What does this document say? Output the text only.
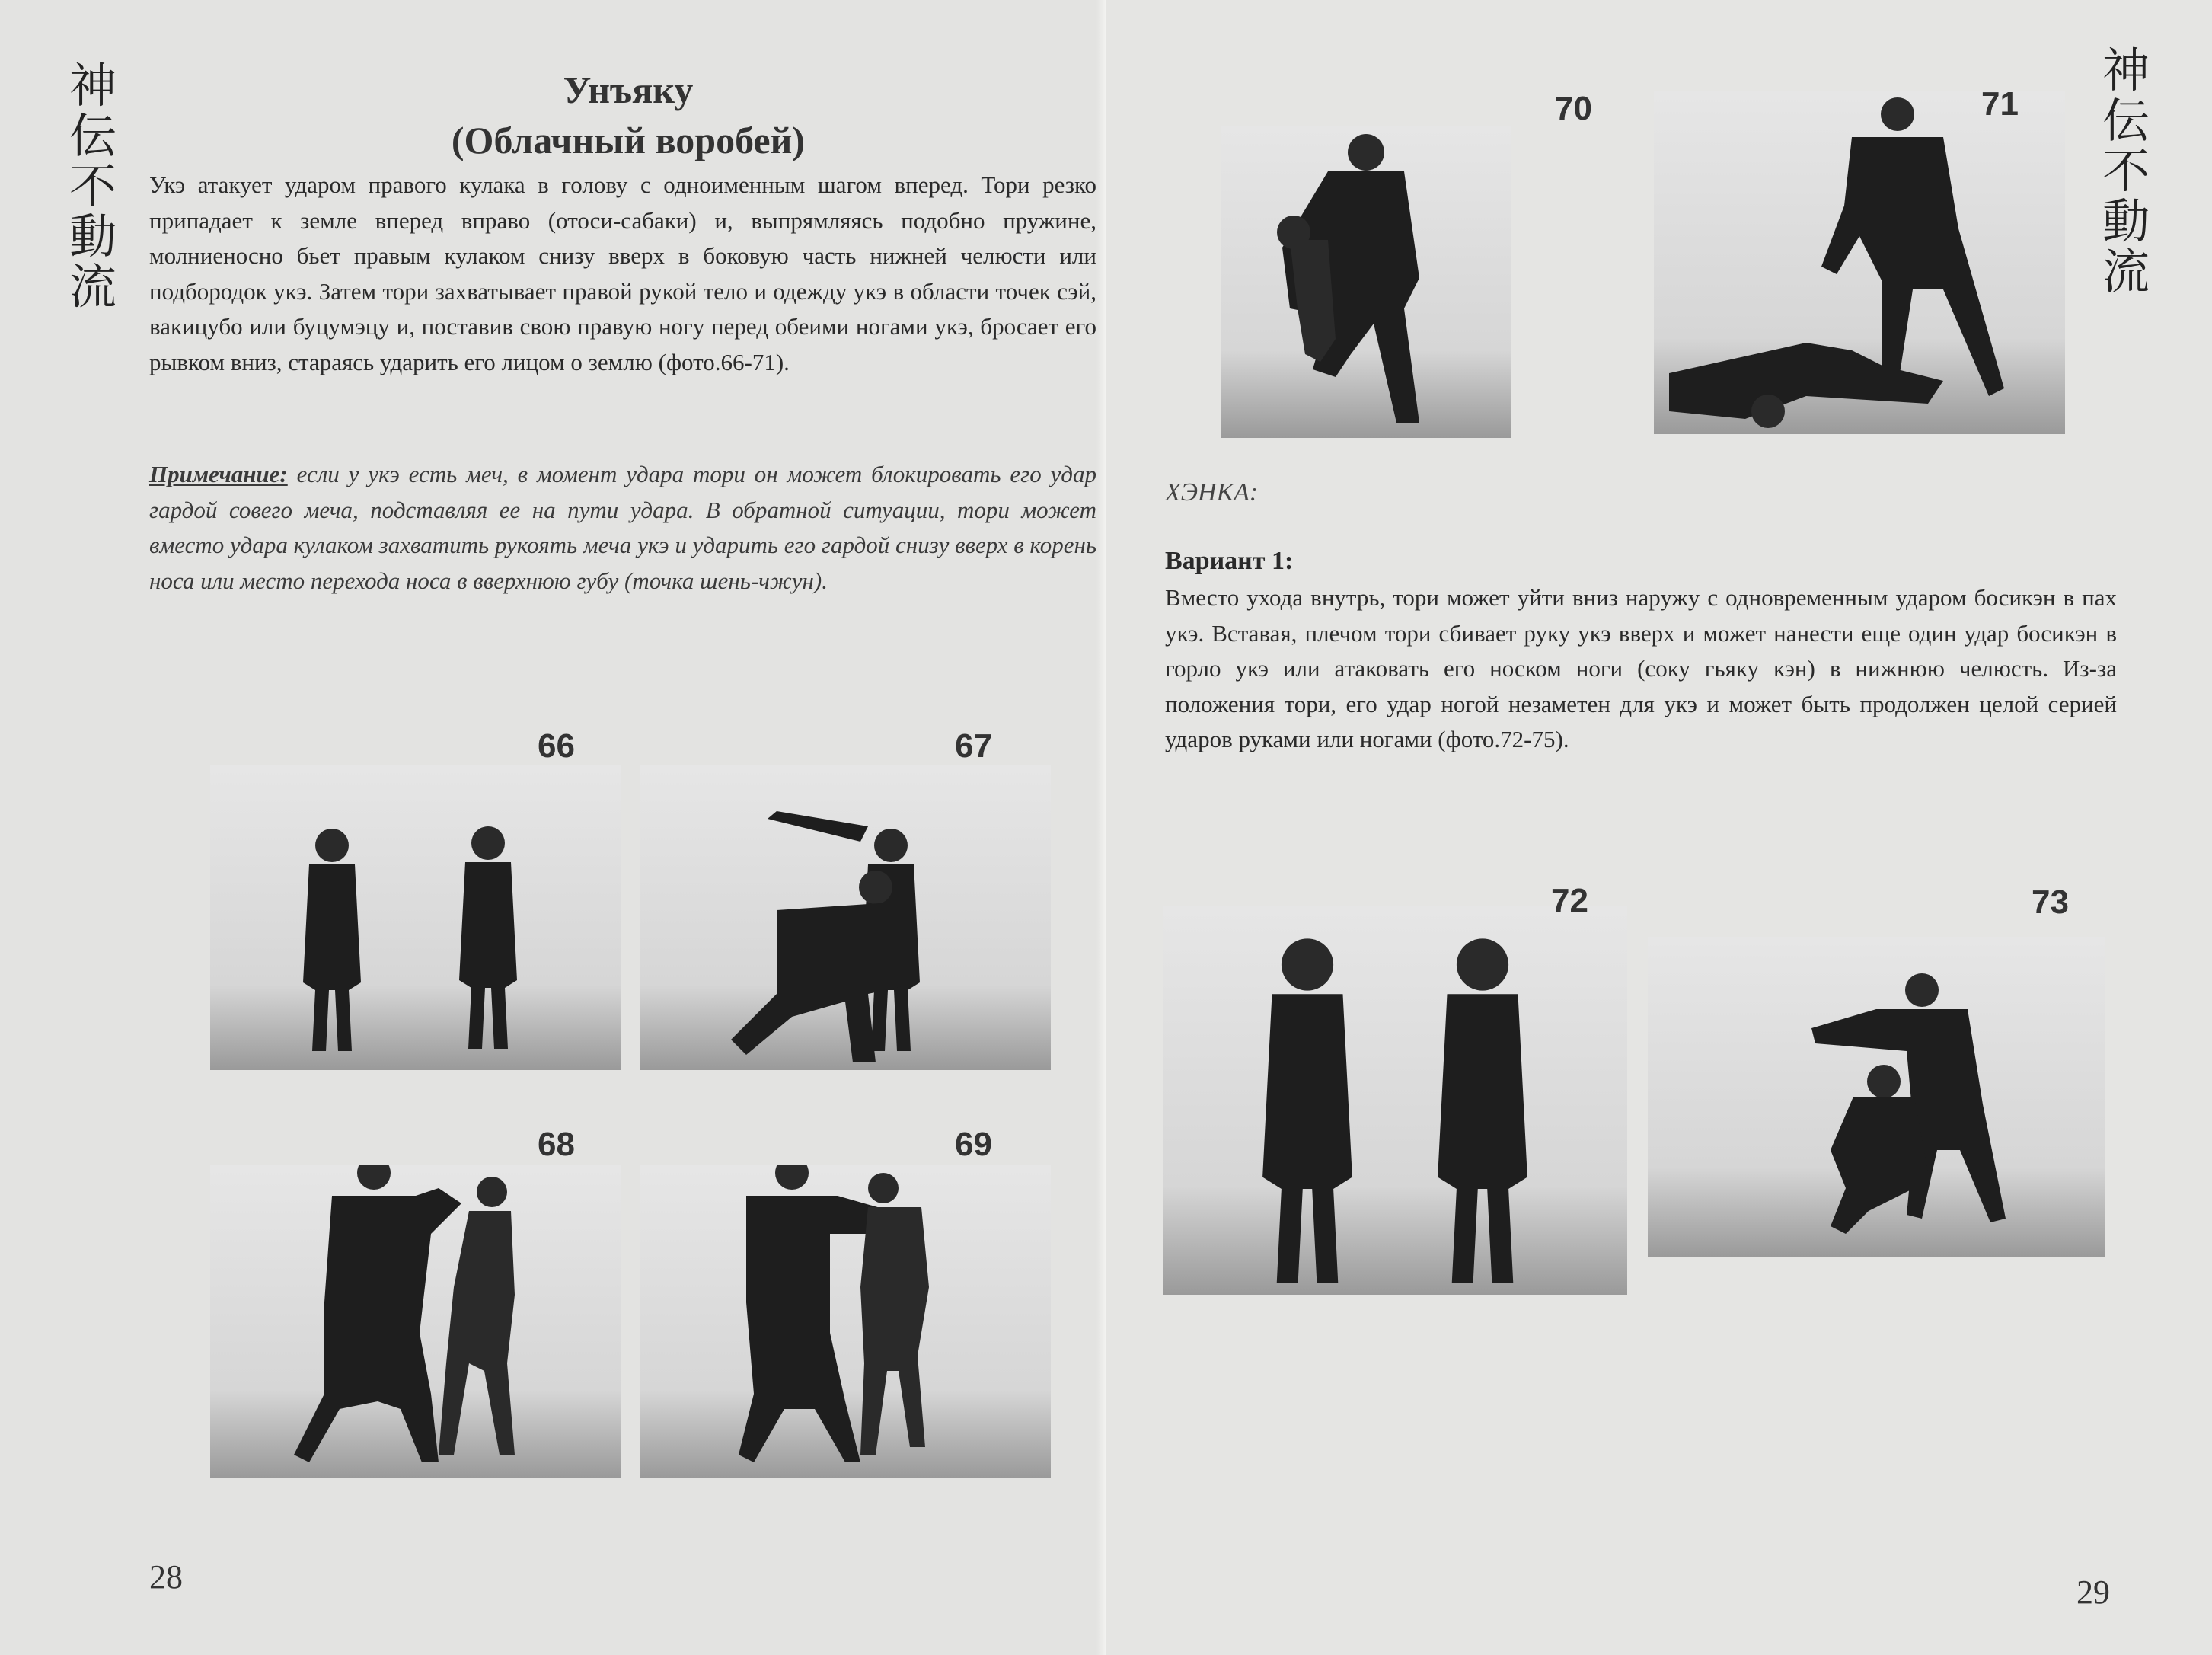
神
伝
不
動
流
Унъяку
(Облачный воробей)
Укэ атакует ударом правого кулака в голову с одноименным шагом вперед. Тори резко припадает к земле вперед вправо (отоси-сабаки) и, выпрямляясь подобно пружине, молниеносно бьет правым кулаком снизу вверх в боковую часть нижней челюсти или подбородок укэ. Затем тори захватывает правой рукой тело и одежду укэ в области точек сэй, вакицубо или буцумэцу и, поставив свою правую ногу перед обеими ногами укэ, бросает его рывком вниз, стараясь ударить его лицом о землю (фото.66-71).
Примечание: если у укэ есть меч, в момент удара тори он может блокировать его удар гардой совего меча, подставляя ее на пути удара. В обратной ситуации, тори может вместо удара кулаком захватить рукоять меча укэ и ударить его гардой снизу вверх в корень носа или место перехода носа в вверхнюю губу (точка шень-чжун).
66	67
68	69
28
神
伝
不
動
流
70	71
ХЭНКА:
Вариант 1:
Вместо ухода внутрь, тори может уйти вниз наружу с одновременным ударом босикэн в пах укэ. Вставая, плечом тори сбивает руку укэ вверх и может нанести еще один удар босикэн в горло укэ или атаковать его носком ноги (соку гьяку кэн) в нижнюю челюсть. Из-за положения тори, его удар ногой незаметен для укэ и может быть продолжен целой серией ударов руками или ногами (фото.72-75).
72	73
29
